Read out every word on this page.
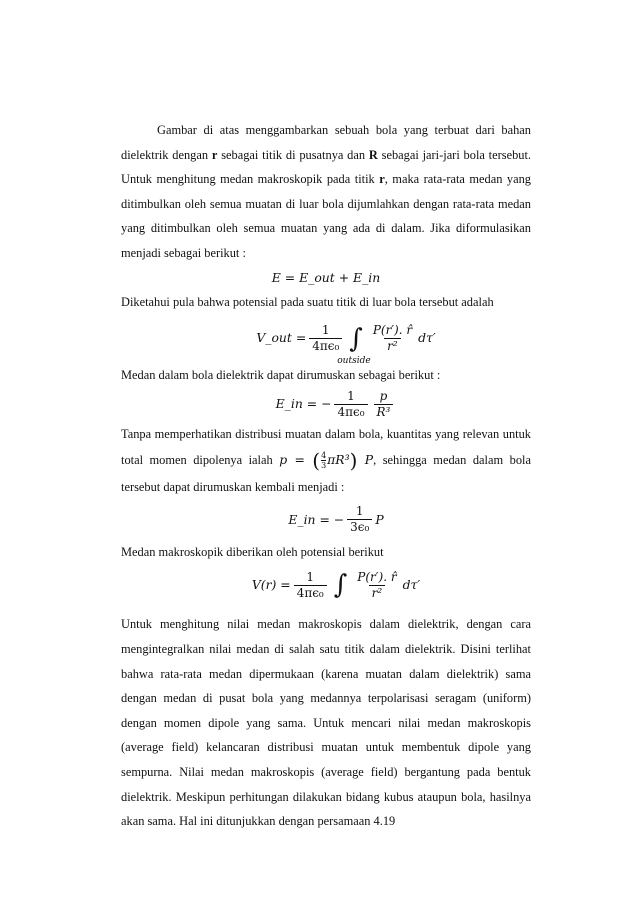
Gambar di atas menggambarkan sebuah bola yang terbuat dari bahan dielektrik dengan r sebagai titik di pusatnya dan R sebagai jari-jari bola tersebut. Untuk menghitung medan makroskopik pada titik r, maka rata-rata medan yang ditimbulkan oleh semua muatan di luar bola dijumlahkan dengan rata-rata medan yang ditimbulkan oleh semua muatan yang ada di dalam. Jika diformulasikan menjadi sebagai berikut :

E = E_out + E_in

Diketahui pula bahwa potensial pada suatu titik di luar bola tersebut adalah

V_out = $\frac{1}{\text{4πϵ₀}}$ ∫
outside
$\frac{P(r'). r̂}{\text{r²}} d\tau'$

Medan dalam bola dielektrik dapat dirumuskan sebagai berikut :

E_in = − $\frac{1}{\text{4πϵ₀}} \frac{p}{\text{R³}}$

Tanpa memperhatikan distribusi muatan dalam bola, kuantitas yang relevan untuk total momen dipolenya ialah p = ( $\frac{4}{3} \pi R^3$) P, sehingga medan dalam bola tersebut dapat dirumuskan kembali menjadi :

E_in = − $\frac{1}{\text{3ϵ₀}}$ P

Medan makroskopik diberikan oleh potensial berikut

$V(r) = \frac{1}{\text{4πϵ₀}}$ ∫ $\frac{P(r'). r̂}{\text{r²}} d\tau'$

Untuk menghitung nilai medan makroskopis dalam dielektrik, dengan cara mengintegralkan nilai medan di salah satu titik dalam dielektrik. Disini terlihat bahwa rata-rata medan dipermukaan (karena muatan dalam dielektrik) sama dengan medan di pusat bola yang medannya terpolarisasi seragam (uniform) dengan momen dipole yang sama. Untuk mencari nilai medan makroskopis (average field) kelancaran distribusi muatan untuk membentuk dipole yang sempurna. Nilai medan makroskopis (average field) bergantung pada bentuk dielektrik. Meskipun perhitungan dilakukan bidang kubus ataupun bola, hasilnya akan sama. Hal ini ditunjukkan dengan persamaan 4.19
